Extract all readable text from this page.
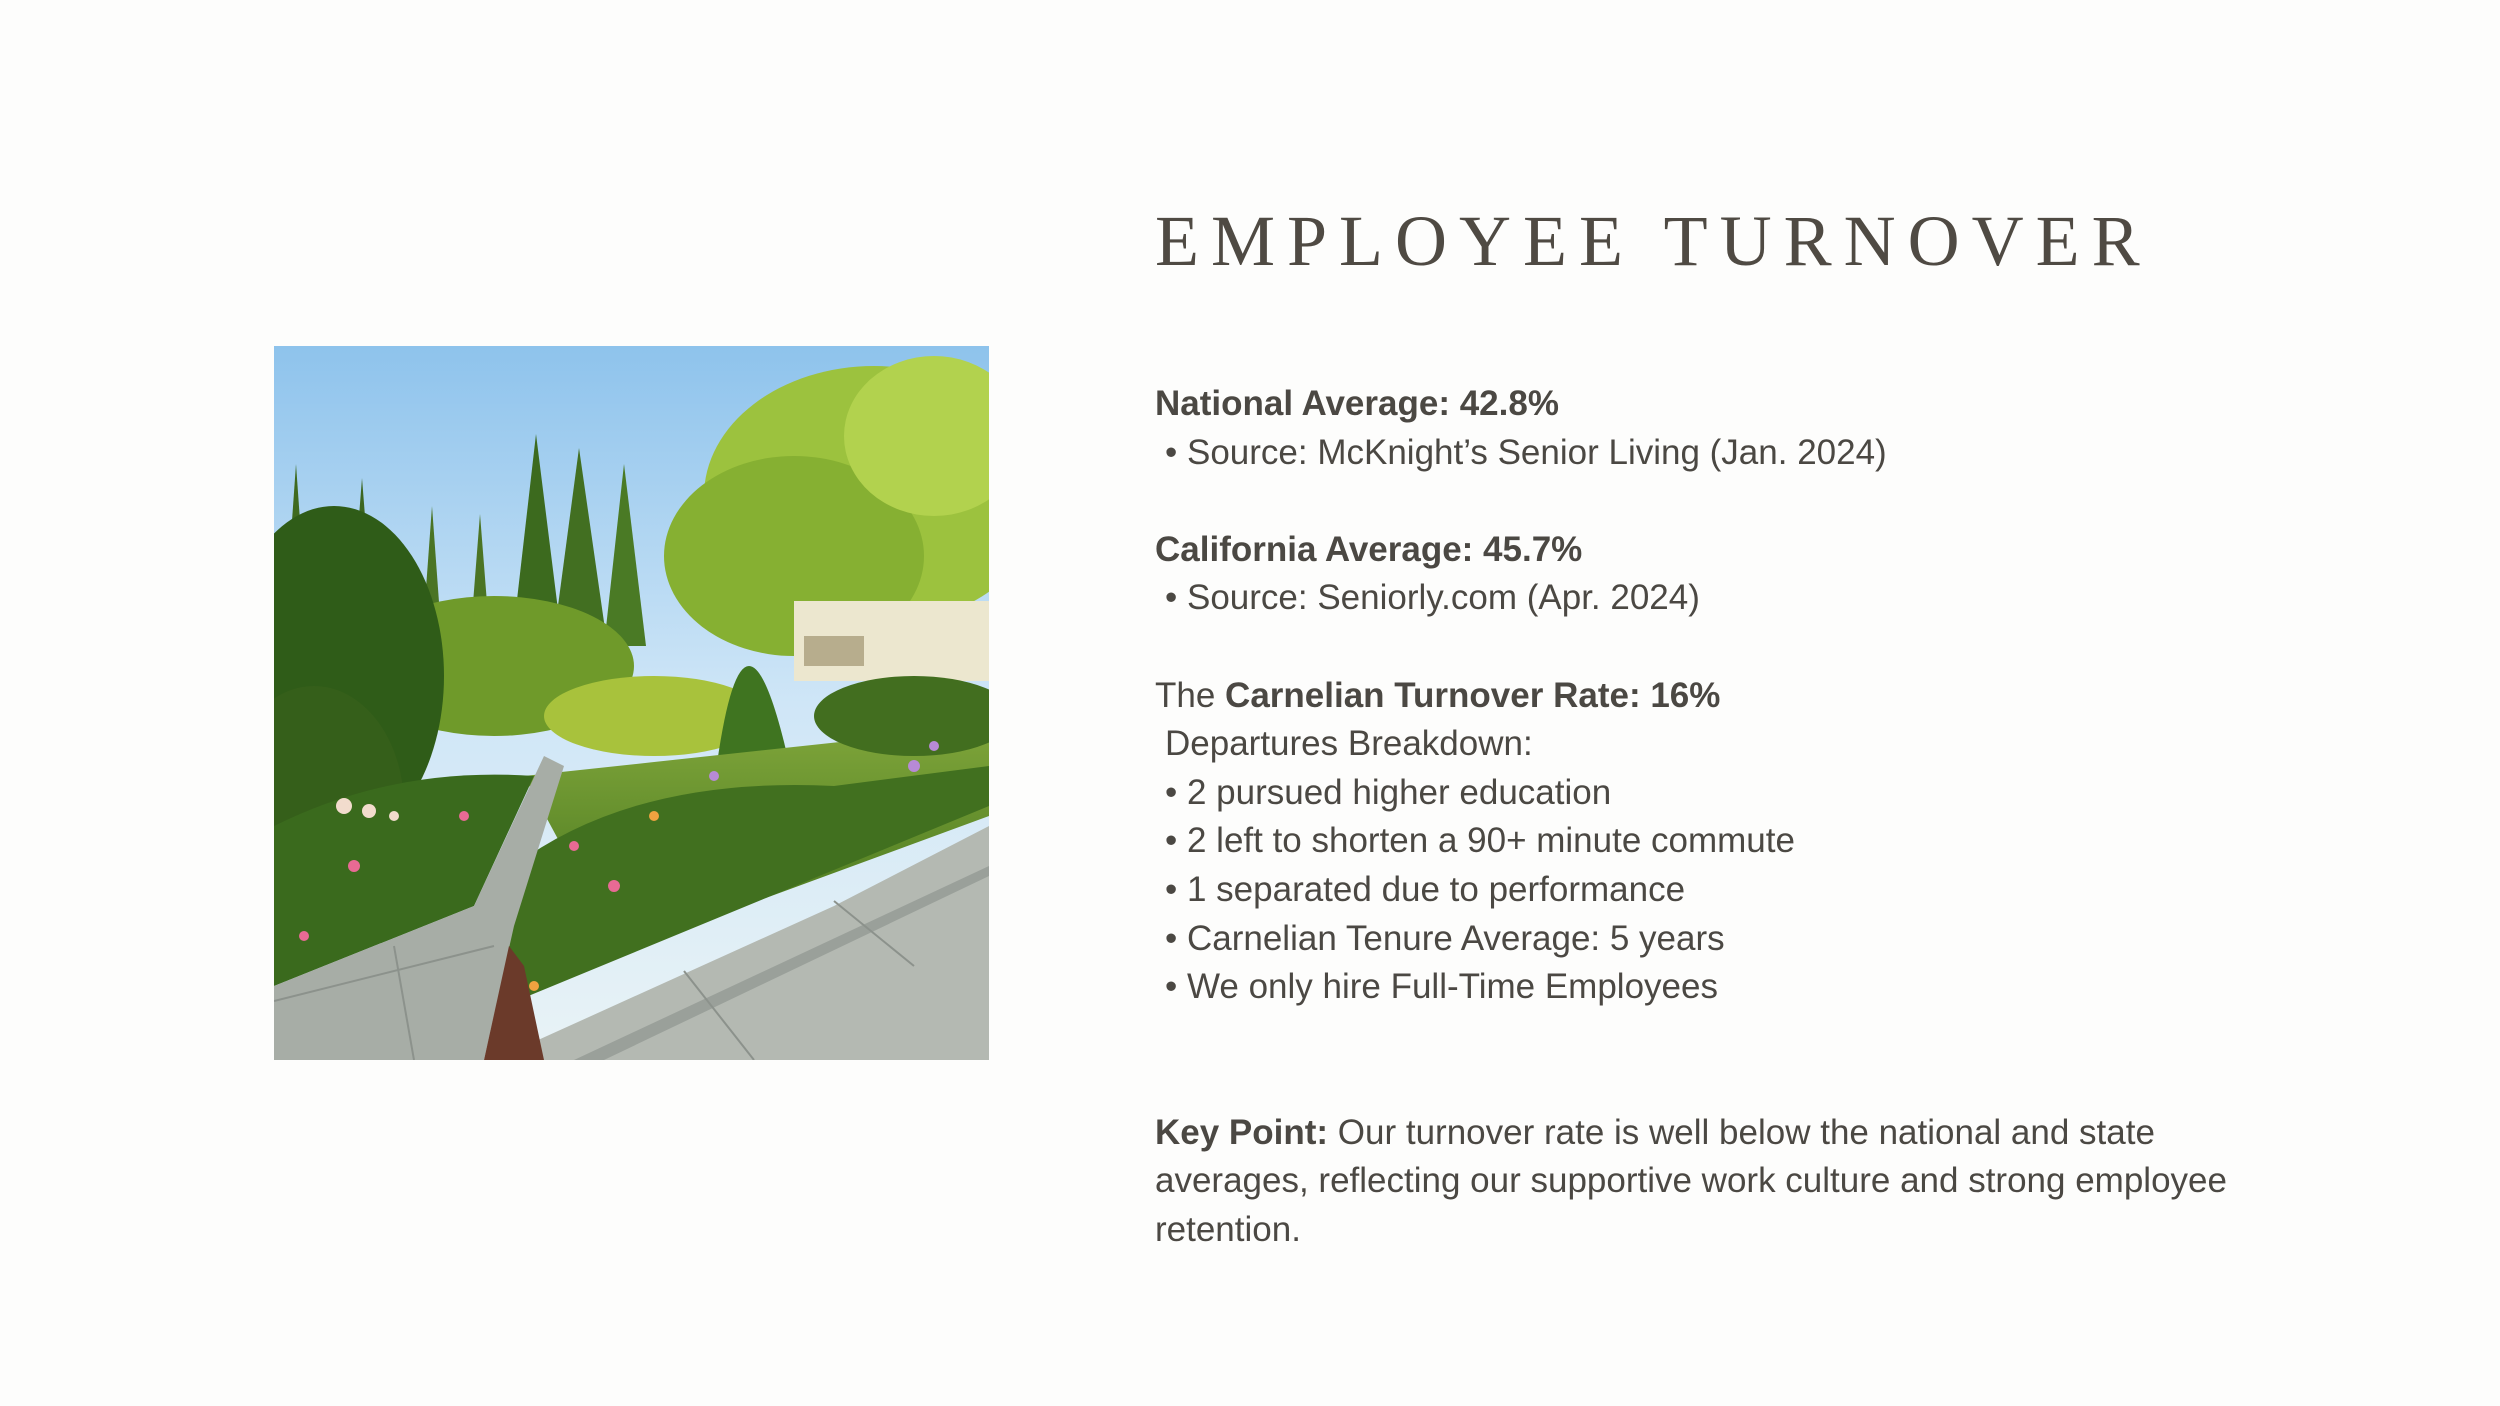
EMPLOYEE TURNOVER
National Average: 42.8%
• Source: McKnight’s Senior Living (Jan. 2024)
California Average: 45.7%
• Source: Seniorly.com (Apr. 2024)
The Carnelian Turnover Rate: 16%
Departures Breakdown:
• 2 pursued higher education
• 2 left to shorten a 90+ minute commute
• 1 separated due to performance
• Carnelian Tenure Average: 5 years
• We only hire Full-Time Employees
Key Point: Our turnover rate is well below the national and state averages, reflecting our supportive work culture and strong employee retention.
